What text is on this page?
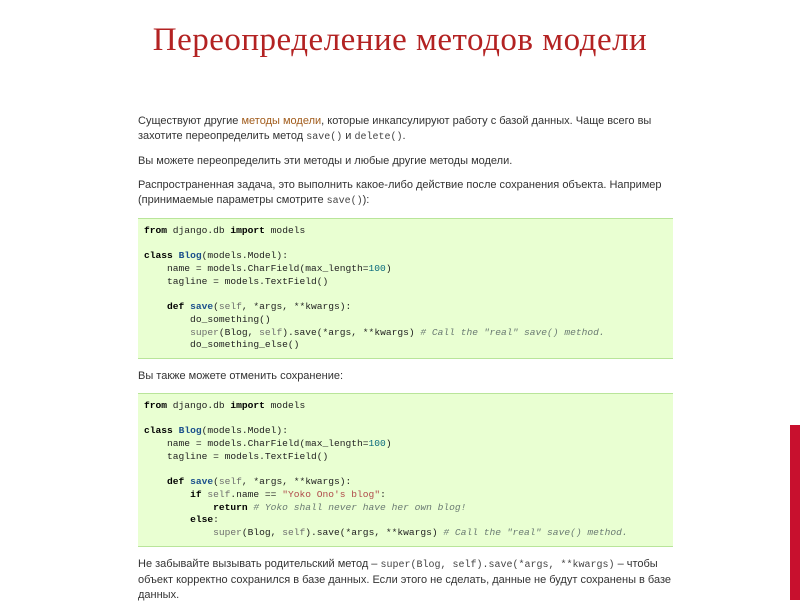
Переопределение методов модели

Существуют другие методы модели, которые инкапсулируют работу с базой данных. Чаще всего вы захотите переопределить метод save() и delete().

Вы можете переопределить эти методы и любые другие методы модели.

Распространенная задача, это выполнить какое-либо действие после сохранения объекта. Например (принимаемые параметры смотрите save()):

from django.db import models

class Blog(models.Model):
name = models.CharField(max_length=100)
tagline = models.TextField()

def save(self, *args, **kwargs):
do_something()
super(Blog, self).save(*args, **kwargs) # Call the "real" save() method.
do_something_else()

Вы также можете отменить сохранение:

from django.db import models

class Blog(models.Model):
name = models.CharField(max_length=100)
tagline = models.TextField()

def save(self, *args, **kwargs):
if self.name == "Yoko Ono's blog":
return # Yoko shall never have her own blog!
else:
super(Blog, self).save(*args, **kwargs) # Call the "real" save() method.

Не забывайте вызывать родительский метод – super(Blog, self).save(*args, **kwargs) – чтобы объект корректно сохранился в базе данных. Если этого не сделать, данные не будут сохранены в базе данных.
